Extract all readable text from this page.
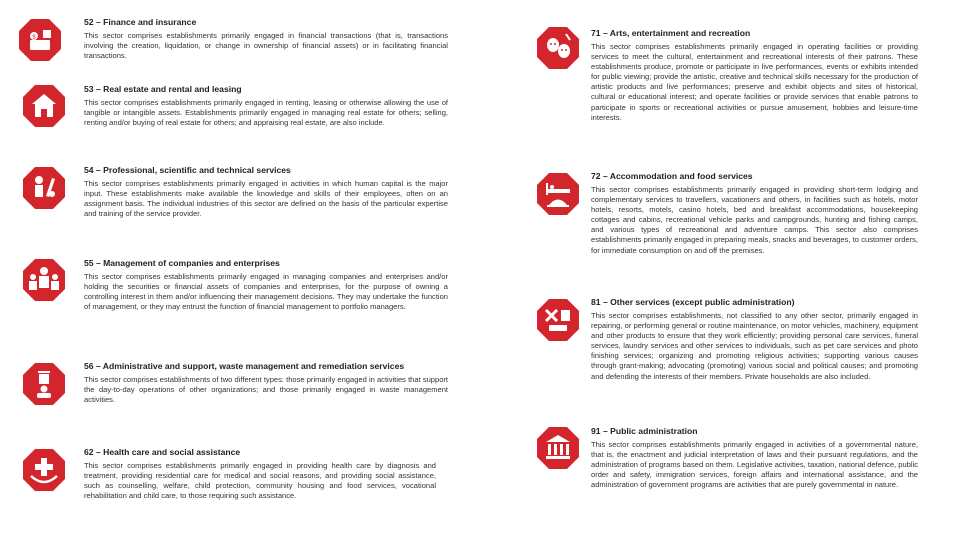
$
52 – Finance and insurance

This sector comprises establishments primarily engaged in financial transactions (that is, transactions involving the creation, liquidation, or change in ownership of financial assets) or in facilitating financial transactions.

53 – Real estate and rental and leasing

This sector comprises establishments primarily engaged in renting, leasing or otherwise allowing the use of tangible or intangible assets. Establishments primarily engaged in managing real estate for others; selling, renting and/or buying of real estate for others; and appraising real estate, are also include.

54 – Professional, scientific and technical services

This sector comprises establishments primarily engaged in activities in which human capital is the major input. These establishments make available the knowledge and skills of their employees, often on an assignment basis. The individual industries of this sector are defined on the basis of the particular expertise and training of the service provider.

55 – Management of companies and enterprises

This sector comprises establishments primarily engaged in managing companies and enterprises and/or holding the securities or financial assets of companies and enterprises, for the purpose of owning a controlling interest in them and/or influencing their management decisions. They may undertake the function of management, or they may entrust the function of financial management to portfolio managers.

56 – Administrative and support, waste management and remediation services

This sector comprises establishments of two different types: those primarily engaged in activities that support the day-to-day operations of other organizations; and those primarily engaged in waste management activities.

62 – Health care and social assistance

This sector comprises establishments primarily engaged in providing health care by diagnosis and treatment, providing residential care for medical and social reasons, and providing social assistance, such as counselling, welfare, child protection, community housing and food services, vocational rehabilitation and child care, to those requiring such assistance.

71 – Arts, entertainment and recreation

This sector comprises establishments primarily engaged in operating facilities or providing services to meet the cultural, entertainment and recreational interests of their patrons. These establishments produce, promote or participate in live performances, events or exhibits intended for public viewing; provide the artistic, creative and technical skills necessary for the production of artistic products and live performances; preserve and exhibit objects and sites of historical, cultural or educational interest; and operate facilities or provide services that enable patrons to participate in sports or recreational activities or pursue amusement, hobbies and leisure-time interests.

72 – Accommodation and food services

This sector comprises establishments primarily engaged in providing short-term lodging and complementary services to travellers, vacationers and others, in facilities such as hotels, motor hotels, resorts, motels, casino hotels, bed and breakfast accommodations, housekeeping cottages and cabins, recreational vehicle parks and campgrounds, hunting and fishing camps, and various types of recreational and adventure camps. This sector also comprises establishments primarily engaged in preparing meals, snacks and beverages, to customer orders, for immediate consumption on and off the premises.

81 – Other services (except public administration)

This sector comprises establishments, not classified to any other sector, primarily engaged in repairing, or performing general or routine maintenance, on motor vehicles, machinery, equipment and other products to ensure that they work efficiently; providing personal care services, funeral services, laundry services and other services to individuals, such as pet care services and photo finishing services; organizing and promoting religious activities; supporting various causes through grant-making; advocating (promoting) various social and political causes; and promoting and defending the interests of their members. Private households are also included.

91 – Public administration

This sector comprises establishments primarily engaged in activities of a governmental nature, that is, the enactment and judicial interpretation of laws and their pursuant regulations, and the administration of programs based on them. Legislative activities, taxation, national defence, public order and safety, immigration services, foreign affairs and international assistance, and the administration of government programs are activities that are purely governmental in nature.
